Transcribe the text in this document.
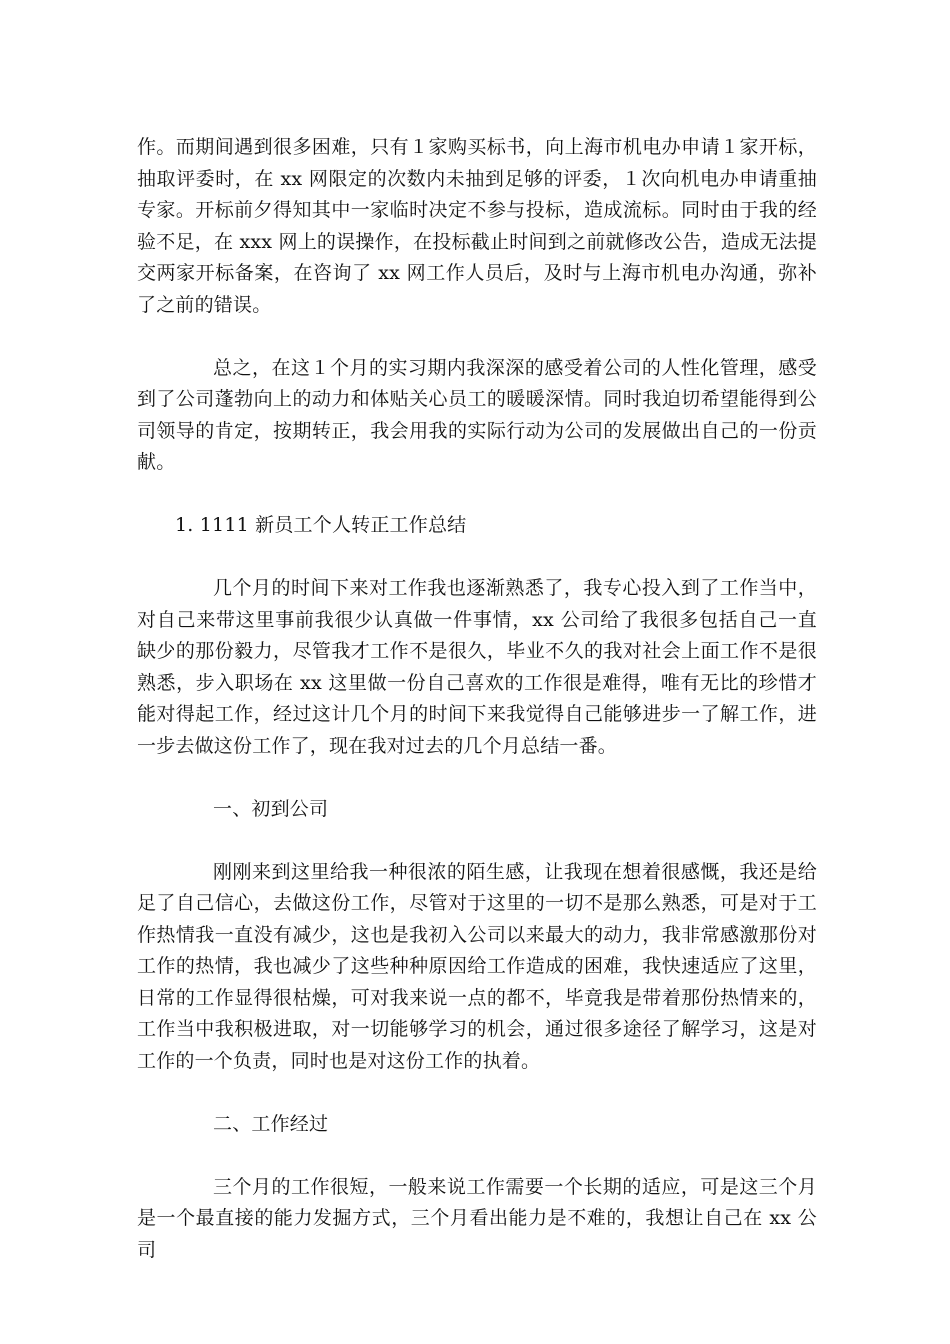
作。而期间遇到很多困难，只有１家购买标书，向上海市机电办申请１家开标，抽取评委时，在 xx 网限定的次数内未抽到足够的评委，１次向机电办申请重抽专家。开标前夕得知其中一家临时决定不参与投标，造成流标。同时由于我的经验不足，在 xxx 网上的误操作，在投标截止时间到之前就修改公告，造成无法提交两家开标备案，在咨询了 xx 网工作人员后，及时与上海市机电办沟通，弥补了之前的错误。

总之，在这１个月的实习期内我深深的感受着公司的人性化管理，感受到了公司蓬勃向上的动力和体贴关心员工的暖暖深情。同时我迫切希望能得到公司领导的肯定，按期转正，我会用我的实际行动为公司的发展做出自己的一份贡献。

1. 1111 新员工个人转正工作总结

几个月的时间下来对工作我也逐渐熟悉了，我专心投入到了工作当中，对自己来带这里事前我很少认真做一件事情，xx 公司给了我很多包括自己一直缺少的那份毅力，尽管我才工作不是很久，毕业不久的我对社会上面工作不是很熟悉，步入职场在 xx 这里做一份自己喜欢的工作很是难得，唯有无比的珍惜才能对得起工作，经过这计几个月的时间下来我觉得自己能够进步一了解工作，进一步去做这份工作了，现在我对过去的几个月总结一番。

一、初到公司

刚刚来到这里给我一种很浓的陌生感，让我现在想着很感慨，我还是给足了自己信心，去做这份工作，尽管对于这里的一切不是那么熟悉，可是对于工作热情我一直没有减少，这也是我初入公司以来最大的动力，我非常感激那份对工作的热情，我也减少了这些种种原因给工作造成的困难，我快速适应了这里，日常的工作显得很枯燥，可对我来说一点的都不，毕竟我是带着那份热情来的，工作当中我积极进取，对一切能够学习的机会，通过很多途径了解学习，这是对工作的一个负责，同时也是对这份工作的执着。

二、工作经过

三个月的工作很短，一般来说工作需要一个长期的适应，可是这三个月是一个最直接的能力发掘方式，三个月看出能力是不难的，我想让自己在 xx 公司
